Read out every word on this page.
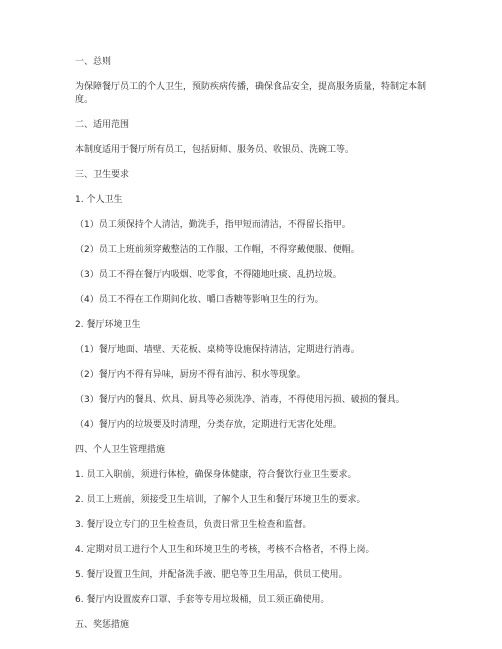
一、总则

为保障餐厅员工的个人卫生，预防疾病传播，确保食品安全，提高服务质量，特制定本制度。

二、适用范围

本制度适用于餐厅所有员工，包括厨师、服务员、收银员、洗碗工等。

三、卫生要求

1. 个人卫生

（1）员工须保持个人清洁，勤洗手，指甲短而清洁，不得留长指甲。

（2）员工上班前须穿戴整洁的工作服、工作帽，不得穿戴便服、便帽。

（3）员工不得在餐厅内吸烟、吃零食，不得随地吐痰、乱扔垃圾。

（4）员工不得在工作期间化妆、嚼口香糖等影响卫生的行为。

2. 餐厅环境卫生

（1）餐厅地面、墙壁、天花板、桌椅等设施保持清洁，定期进行消毒。

（2）餐厅内不得有异味，厨房不得有油污、积水等现象。

（3）餐厅内的餐具、炊具、厨具等必须洗净、消毒，不得使用污损、破损的餐具。

（4）餐厅内的垃圾要及时清理，分类存放，定期进行无害化处理。

四、个人卫生管理措施

1. 员工入职前，须进行体检，确保身体健康，符合餐饮行业卫生要求。

2. 员工上班前，须接受卫生培训，了解个人卫生和餐厅环境卫生的要求。

3. 餐厅设立专门的卫生检查员，负责日常卫生检查和监督。

4. 定期对员工进行个人卫生和环境卫生的考核，考核不合格者，不得上岗。

5. 餐厅设置卫生间，并配备洗手液、肥皂等卫生用品，供员工使用。

6. 餐厅内设置废弃口罩、手套等专用垃圾桶，员工须正确使用。

五、奖惩措施
